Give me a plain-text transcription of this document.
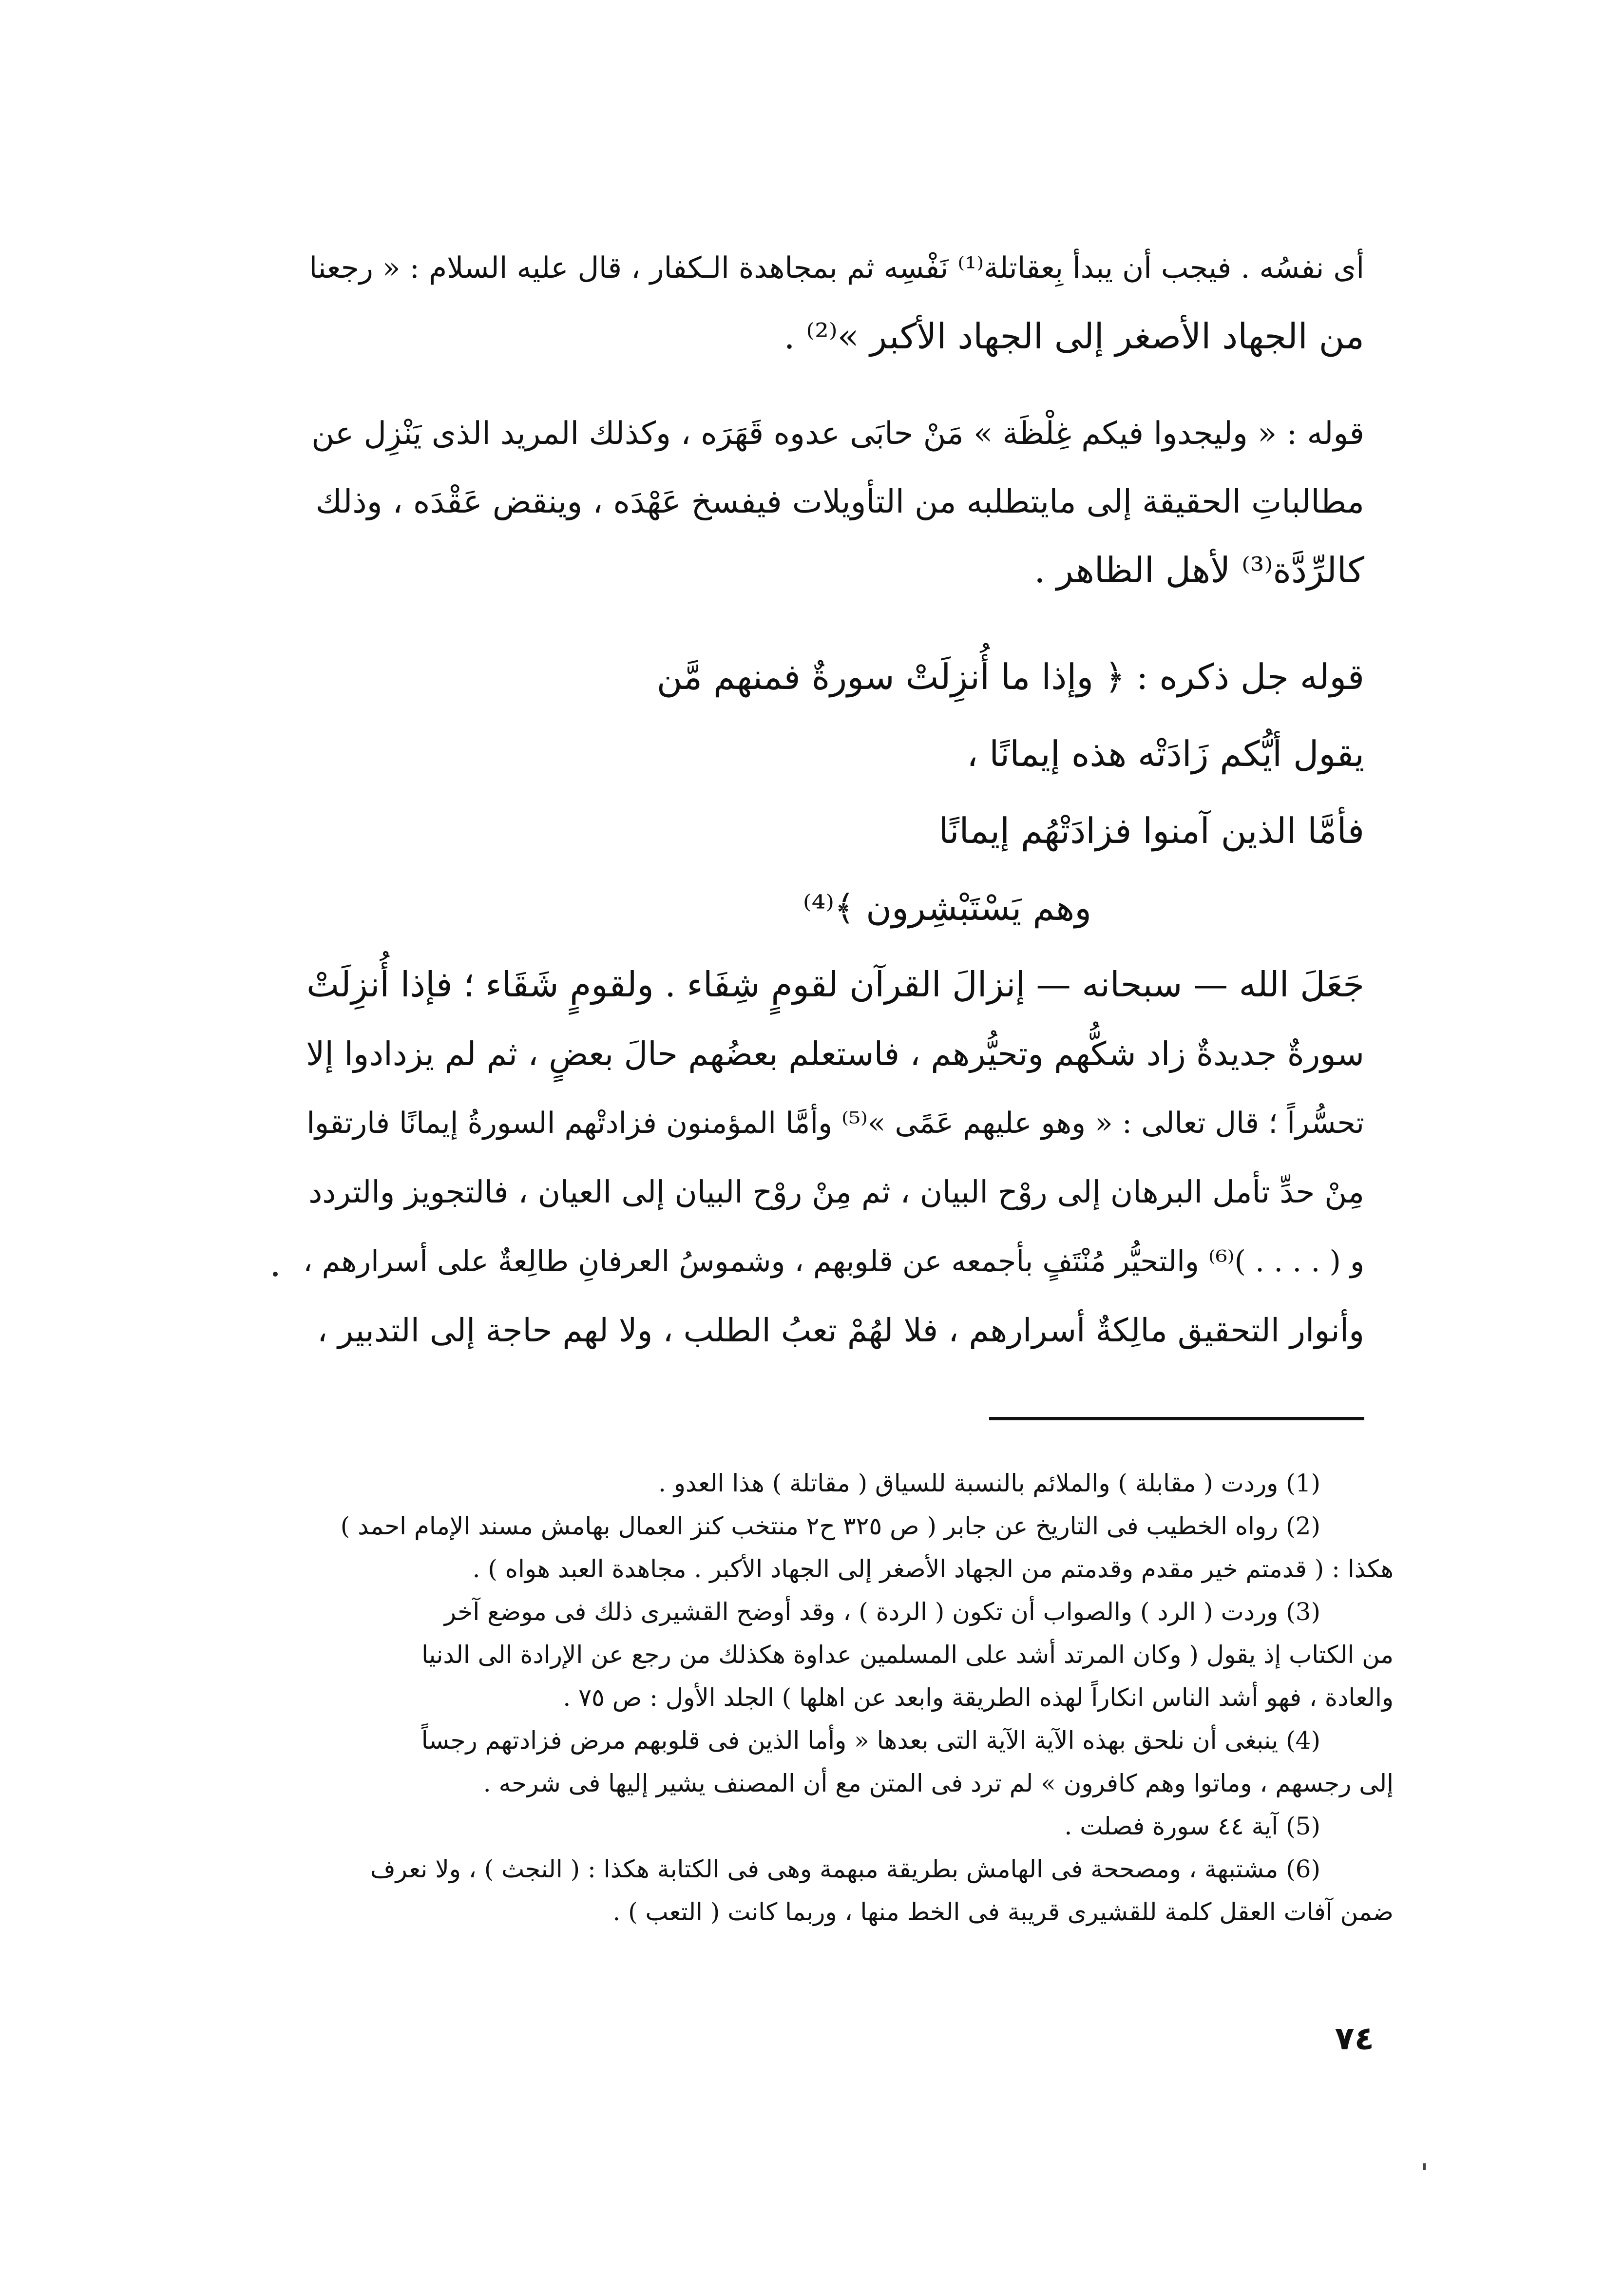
أى نفسُه . فيجب أن يبدأ بِعقاتلة⁽¹⁾ نَفْسِه ثم بمجاهدة الـكفار ، قال عليه السلام : « رجعنا
من الجهاد الأصغر إلى الجهاد الأكبر »⁽²⁾ .
قوله : « وليجدوا فيكم غِلْظَة » مَنْ حابَى عدوه قَهَرَه ، وكذلك المريد الذى يَنْزِل عن
مطالباتِ الحقيقة إلى مايتطلبه من التأويلات فيفسخ عَهْدَه ، وينقض عَقْدَه ، وذلك
كالرِّدَّة⁽³⁾ لأهل الظاهر .
قوله جل ذكره : ﴿ وإذا ما أُنزِلَتْ سورةٌ فمنهم مَّن
يقول أيُّكم زَادَتْه هذه إيمانًا ،
فأمَّا الذين آمنوا فزادَتْهُم إيمانًا
وهم يَسْتَبْشِرون ﴾⁽⁴⁾
جَعَلَ الله — سبحانه — إنزالَ القرآن لقومٍ شِفَاء . ولقومٍ شَقَاء ؛ فإذا أُنزِلَتْ
سورةٌ جديدةٌ زاد شكُّهم وتحيُّرهم ، فاستعلم بعضُهم حالَ بعضٍ ، ثم لم يزدادوا إلا
تحسُّراً ؛ قال تعالى : « وهو عليهم عَمًى »⁽⁵⁾ وأمَّا المؤمنون فزادتْهم السورةُ إيمانًا فارتقوا
مِنْ حدِّ تأمل البرهان إلى روْح البيان ، ثم مِنْ روْح البيان إلى العيان ، فالتجويز والتردد
و ( . . . . )⁽⁶⁾ والتحيُّر مُنْتَفٍ بأجمعه عن قلوبهم ، وشموسُ العرفانِ طالِعةٌ على أسرارهم ،
وأنوار التحقيق مالِكةٌ أسرارهم ، فلا لهُمْ تعبُ الطلب ، ولا لهم حاجة إلى التدبير ،
(1) وردت ( مقابلة ) والملائم بالنسبة للسياق ( مقاتلة ) هذا العدو .
(2) رواه الخطيب فى التاريخ عن جابر ( ص ٣٢٥ ح٢ منتخب كنز العمال بهامش مسند الإمام احمد )
هكذا : ( قدمتم خير مقدم وقدمتم من الجهاد الأصغر إلى الجهاد الأكبر . مجاهدة العبد هواه ) .
(3) وردت ( الرد ) والصواب أن تكون ( الردة ) ، وقد أوضح القشيرى ذلك فى موضع آخر
من الكتاب إذ يقول ( وكان المرتد أشد على المسلمين عداوة هكذلك من رجع عن الإرادة الى الدنيا
والعادة ، فهو أشد الناس انكاراً لهذه الطريقة وابعد عن اهلها ) الجلد الأول : ص ٧٥ .
(4) ينبغى أن نلحق بهذه الآية الآية التى بعدها « وأما الذين فى قلوبهم مرض فزادتهم رجساً
إلى رجسهم ، وماتوا وهم كافرون » لم ترد فى المتن مع أن المصنف يشير إليها فى شرحه .
(5) آية ٤٤ سورة فصلت .
(6) مشتبهة ، ومصححة فى الهامش بطريقة مبهمة وهى فى الكتابة هكذا : ( النجث ) ، ولا نعرف
ضمن آفات العقل كلمة للقشيرى قريبة فى الخط منها ، وربما كانت ( التعب ) .
٧٤
